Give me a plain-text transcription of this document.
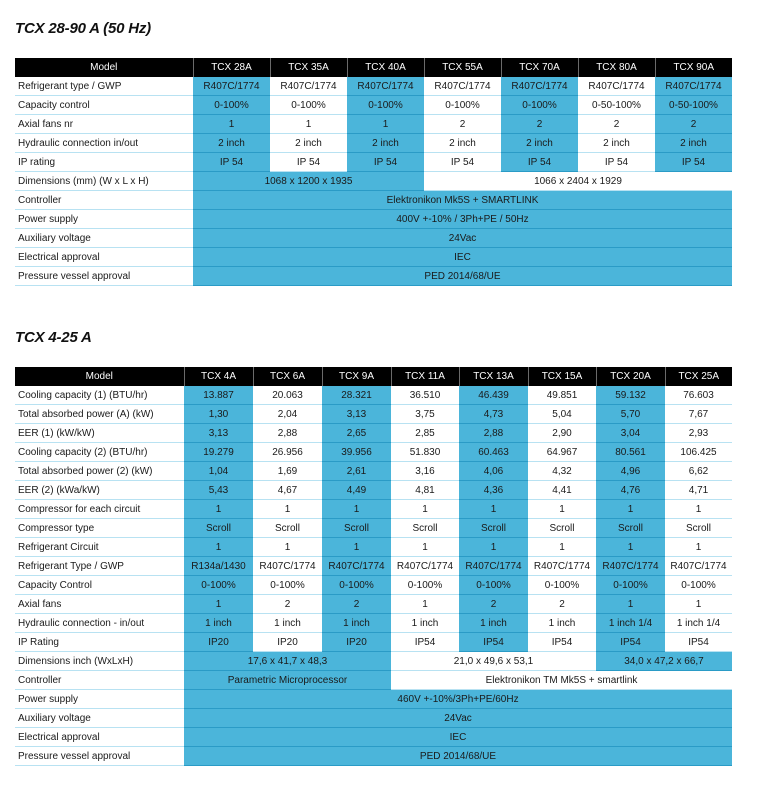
TCX 28-90 A (50 Hz)
Model	TCX 28A	TCX 35A	TCX 40A	TCX 55A	TCX 70A	TCX 80A	TCX 90A
Refrigerant type / GWP	R407C/1774	R407C/1774	R407C/1774	R407C/1774	R407C/1774	R407C/1774	R407C/1774
Capacity control	0-100%	0-100%	0-100%	0-100%	0-100%	0-50-100%	0-50-100%
Axial fans nr	1	1	1	2	2	2	2
Hydraulic connection in/out	2 inch	2 inch	2 inch	2 inch	2 inch	2 inch	2 inch
IP rating	IP 54	IP 54	IP 54	IP 54	IP 54	IP 54	IP 54
Dimensions (mm) (W x L x H)	1068 x 1200 x 1935			1066 x 2404 x 1929			
Controller	Elektronikon Mk5S + SMARTLINK						
Power supply	400V +-10% / 3Ph+PE / 50Hz						
Auxiliary voltage	24Vac						
Electrical approval	IEC						
Pressure vessel approval	PED 2014/68/UE						
TCX 4-25 A
Model	TCX 4A	TCX 6A	TCX 9A	TCX 11A	TCX 13A	TCX 15A	TCX 20A	TCX 25A
Cooling capacity (1) (BTU/hr)	13.887	20.063	28.321	36.510	46.439	49.851	59.132	76.603
Total absorbed power (A) (kW)	1,30	2,04	3,13	3,75	4,73	5,04	5,70	7,67
EER (1) (kW/kW)	3,13	2,88	2,65	2,85	2,88	2,90	3,04	2,93
Cooling capacity (2) (BTU/hr)	19.279	26.956	39.956	51.830	60.463	64.967	80.561	106.425
Total absorbed power (2) (kW)	1,04	1,69	2,61	3,16	4,06	4,32	4,96	6,62
EER (2) (kWa/kW)	5,43	4,67	4,49	4,81	4,36	4,41	4,76	4,71
Compressor for each circuit	1	1	1	1	1	1	1	1
Compressor type	Scroll	Scroll	Scroll	Scroll	Scroll	Scroll	Scroll	Scroll
Refrigerant Circuit	1	1	1	1	1	1	1	1
Refrigerant Type / GWP	R134a/1430	R407C/1774	R407C/1774	R407C/1774	R407C/1774	R407C/1774	R407C/1774	R407C/1774
Capacity Control	0-100%	0-100%	0-100%	0-100%	0-100%	0-100%	0-100%	0-100%
Axial fans	1	2	2	1	2	2	1	1
Hydraulic connection - in/out	1 inch	1 inch	1 inch	1 inch	1 inch	1 inch	1 inch 1/4	1 inch 1/4
IP Rating	IP20	IP20	IP20	IP54	IP54	IP54	IP54	IP54
Dimensions inch (WxLxH)	17,6 x 41,7 x 48,3			21,0 x 49,6 x 53,1			34,0 x 47,2 x 66,7	
Controller	Parametric Microprocessor			Elektronikon TM Mk5S + smartlink				
Power supply	460V +-10%/3Ph+PE/60Hz							
Auxiliary voltage	24Vac							
Electrical approval	IEC							
Pressure vessel approval	PED 2014/68/UE							
